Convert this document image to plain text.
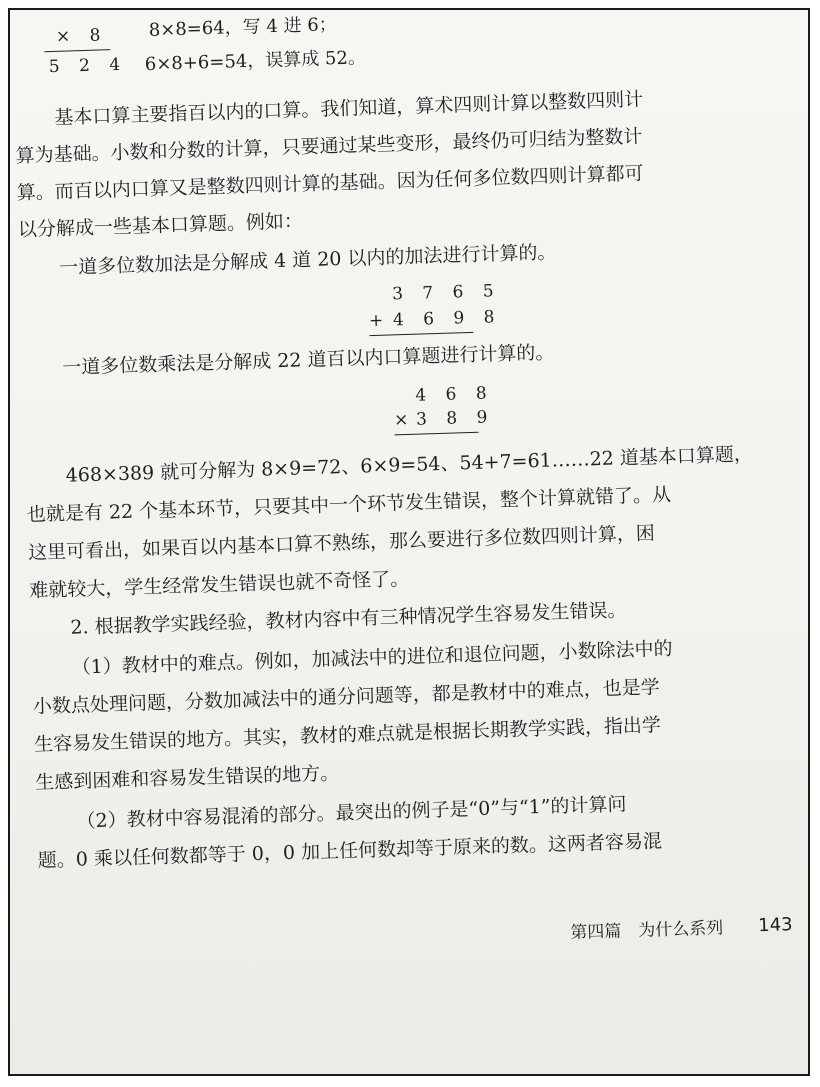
× 8
5 2 4
8×8=64，写 4 进 6；
6×8+6=54，误算成 52。
基本口算主要指百以内的口算。我们知道，算术四则计算以整数四则计
算为基础。小数和分数的计算，只要通过某些变形，最终仍可归结为整数计
算。而百以内口算又是整数四则计算的基础。因为任何多位数四则计算都可
以分解成一些基本口算题。例如：
一道多位数加法是分解成 4 道 20 以内的加法进行计算的。
3 7 6 5
+ 4 6 9 8
一道多位数乘法是分解成 22 道百以内口算题进行计算的。
4 6 8
× 3 8 9
468×389 就可分解为 8×9=72、6×9=54、54+7=61……22 道基本口算题，
也就是有 22 个基本环节，只要其中一个环节发生错误，整个计算就错了。从
这里可看出，如果百以内基本口算不熟练，那么要进行多位数四则计算，困
难就较大，学生经常发生错误也就不奇怪了。
2. 根据教学实践经验，教材内容中有三种情况学生容易发生错误。
（1）教材中的难点。例如，加减法中的进位和退位问题，小数除法中的
小数点处理问题，分数加减法中的通分问题等，都是教材中的难点，也是学
生容易发生错误的地方。其实，教材的难点就是根据长期教学实践，指出学
生感到困难和容易发生错误的地方。
（2）教材中容易混淆的部分。最突出的例子是“0”与“1”的计算问
题。0 乘以任何数都等于 0，0 加上任何数却等于原来的数。这两者容易混
第四篇　为什么系列 143
